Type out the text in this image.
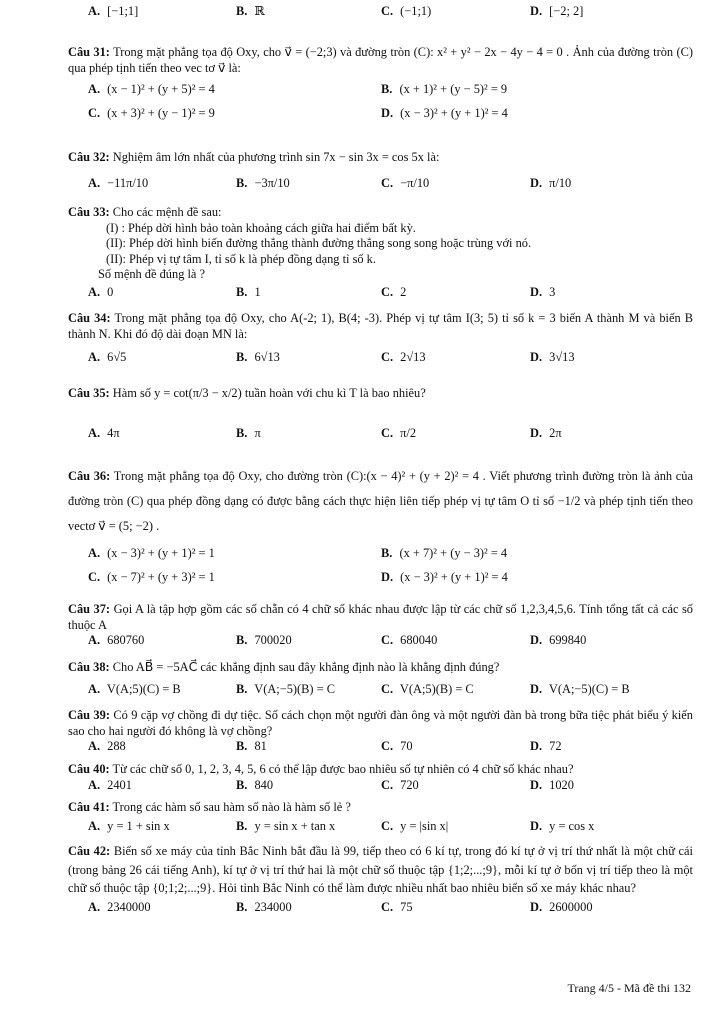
A. [−1;1]	B. ℝ	C. (−1;1)	D. [−2; 2]

Câu 31: Trong mặt phẳng tọa độ Oxy, cho v⃗ = (−2;3) và đường tròn (C): x² + y² − 2x − 4y − 4 = 0 . Ảnh của đường tròn (C) qua phép tịnh tiến theo vec tơ v⃗ là:

A. (x − 1)² + (y + 5)² = 4	B. (x + 1)² + (y − 5)² = 9
C. (x + 3)² + (y − 1)² = 9	D. (x − 3)² + (y + 1)² = 4

Câu 32: Nghiệm âm lớn nhất của phương trình sin 7x − sin 3x = cos 5x là:

A. −11π/10	B. −3π/10	C. −π/10	D. π/10

Câu 33: Cho các mệnh đề sau:

(I) : Phép dời hình bảo toàn khoảng cách giữa hai điểm bất kỳ.

(II): Phép dời hình biến đường thẳng thành đường thẳng song song hoặc trùng với nó.

(II): Phép vị tự tâm I, tỉ số k là phép đồng dạng tỉ số k.

Số mệnh đề đúng là ?

A. 0	B. 1	C. 2	D. 3

Câu 34: Trong mặt phẳng tọa độ Oxy, cho A(-2; 1), B(4; -3). Phép vị tự tâm I(3; 5) tỉ số k = 3 biến A thành M và biến B thành N. Khi đó độ dài đoạn MN là:

A. 6√5	B. 6√13	C. 2√13	D. 3√13

Câu 35: Hàm số y = cot(π/3 − x/2) tuần hoàn với chu kì T là bao nhiêu?

A. 4π	B. π	C. π/2	D. 2π

Câu 36: Trong mặt phẳng tọa độ Oxy, cho đường tròn (C):(x − 4)² + (y + 2)² = 4 . Viết phương trình đường tròn là ảnh của đường tròn (C) qua phép đồng dạng có được bằng cách thực hiện liên tiếp phép vị tự tâm O tỉ số −1/2 và phép tịnh tiến theo vectơ v⃗ = (5; −2) .

A. (x − 3)² + (y + 1)² = 1	B. (x + 7)² + (y − 3)² = 4
C. (x − 7)² + (y + 3)² = 1	D. (x − 3)² + (y + 1)² = 4

Câu 37: Gọi A là tập hợp gồm các số chẵn có 4 chữ số khác nhau được lập từ các chữ số 1,2,3,4,5,6. Tính tổng tất cả các số thuộc A

A. 680760	B. 700020	C. 680040	D. 699840

Câu 38: Cho AB⃗ = −5AC⃗ các khẳng định sau đây khẳng định nào là khẳng định đúng?

A. V(A;5)(C) = B	B. V(A;−5)(B) = C	C. V(A;5)(B) = C	D. V(A;−5)(C) = B

Câu 39: Có 9 cặp vợ chồng đi dự tiệc. Số cách chọn một người đàn ông và một người đàn bà trong bữa tiệc phát biểu ý kiến sao cho hai người đó không là vợ chồng?

A. 288	B. 81	C. 70	D. 72

Câu 40: Từ các chữ số 0, 1, 2, 3, 4, 5, 6 có thể lập được bao nhiêu số tự nhiên có 4 chữ số khác nhau?

A. 2401	B. 840	C. 720	D. 1020

Câu 41: Trong các hàm số sau hàm số nào là hàm số lẻ ?

A. y = 1 + sin x	B. y = sin x + tan x	C. y = |sin x|	D. y = cos x

Câu 42: Biển số xe máy của tỉnh Bắc Ninh bắt đầu là 99, tiếp theo có 6 kí tự, trong đó kí tự ở vị trí thứ nhất là một chữ cái (trong bảng 26 cái tiếng Anh), kí tự ở vị trí thứ hai là một chữ số thuộc tập {1;2;...;9}, mỗi kí tự ở bốn vị trí tiếp theo là một chữ số thuộc tập {0;1;2;...;9}. Hỏi tỉnh Bắc Ninh có thể làm được nhiều nhất bao nhiêu biển số xe máy khác nhau?

A. 2340000	B. 234000	C. 75	D. 2600000
Trang 4/5 - Mã đề thi 132
